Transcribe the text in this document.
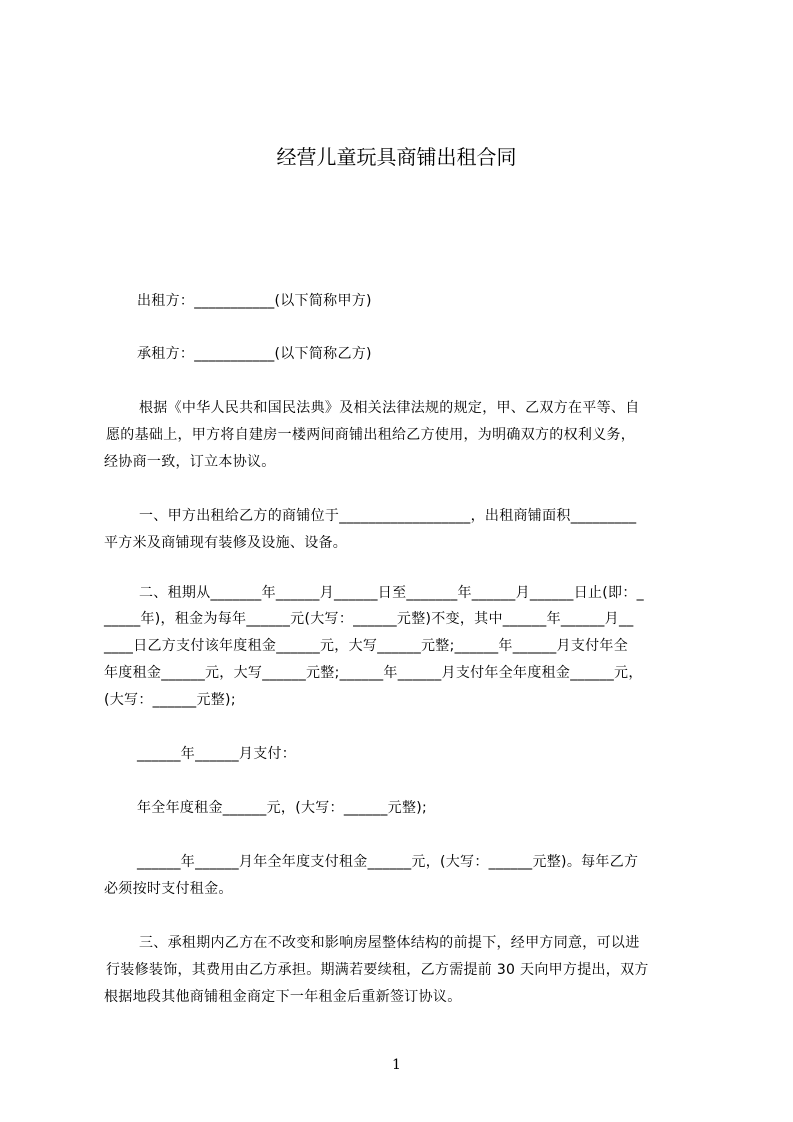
经营儿童玩具商铺出租合同
出租方：___________(以下简称甲方)
承租方：___________(以下简称乙方)
根据《中华人民共和国民法典》及相关法律法规的规定，甲、乙双方在平等、自
愿的基础上，甲方将自建房一楼两间商铺出租给乙方使用，为明确双方的权利义务，
经协商一致，订立本协议。
一、甲方出租给乙方的商铺位于__________________，出租商铺面积_________
平方米及商铺现有装修及设施、设备。
二、租期从_______年______月______日至_______年______月______日止(即：_
_____年)，租金为每年______元(大写：______元整)不变，其中______年______月__
____日乙方支付该年度租金______元，大写______元整;______年______月支付年全
年度租金______元，大写______元整;______年______月支付年全年度租金______元，
(大写：______元整);
______年______月支付：
年全年度租金______元，(大写：______元整);
______年______月年全年度支付租金______元，(大写：______元整)。每年乙方
必须按时支付租金。
三、承租期内乙方在不改变和影响房屋整体结构的前提下，经甲方同意，可以进
行装修装饰，其费用由乙方承担。期满若要续租，乙方需提前 30 天向甲方提出，双方
根据地段其他商铺租金商定下一年租金后重新签订协议。
1
